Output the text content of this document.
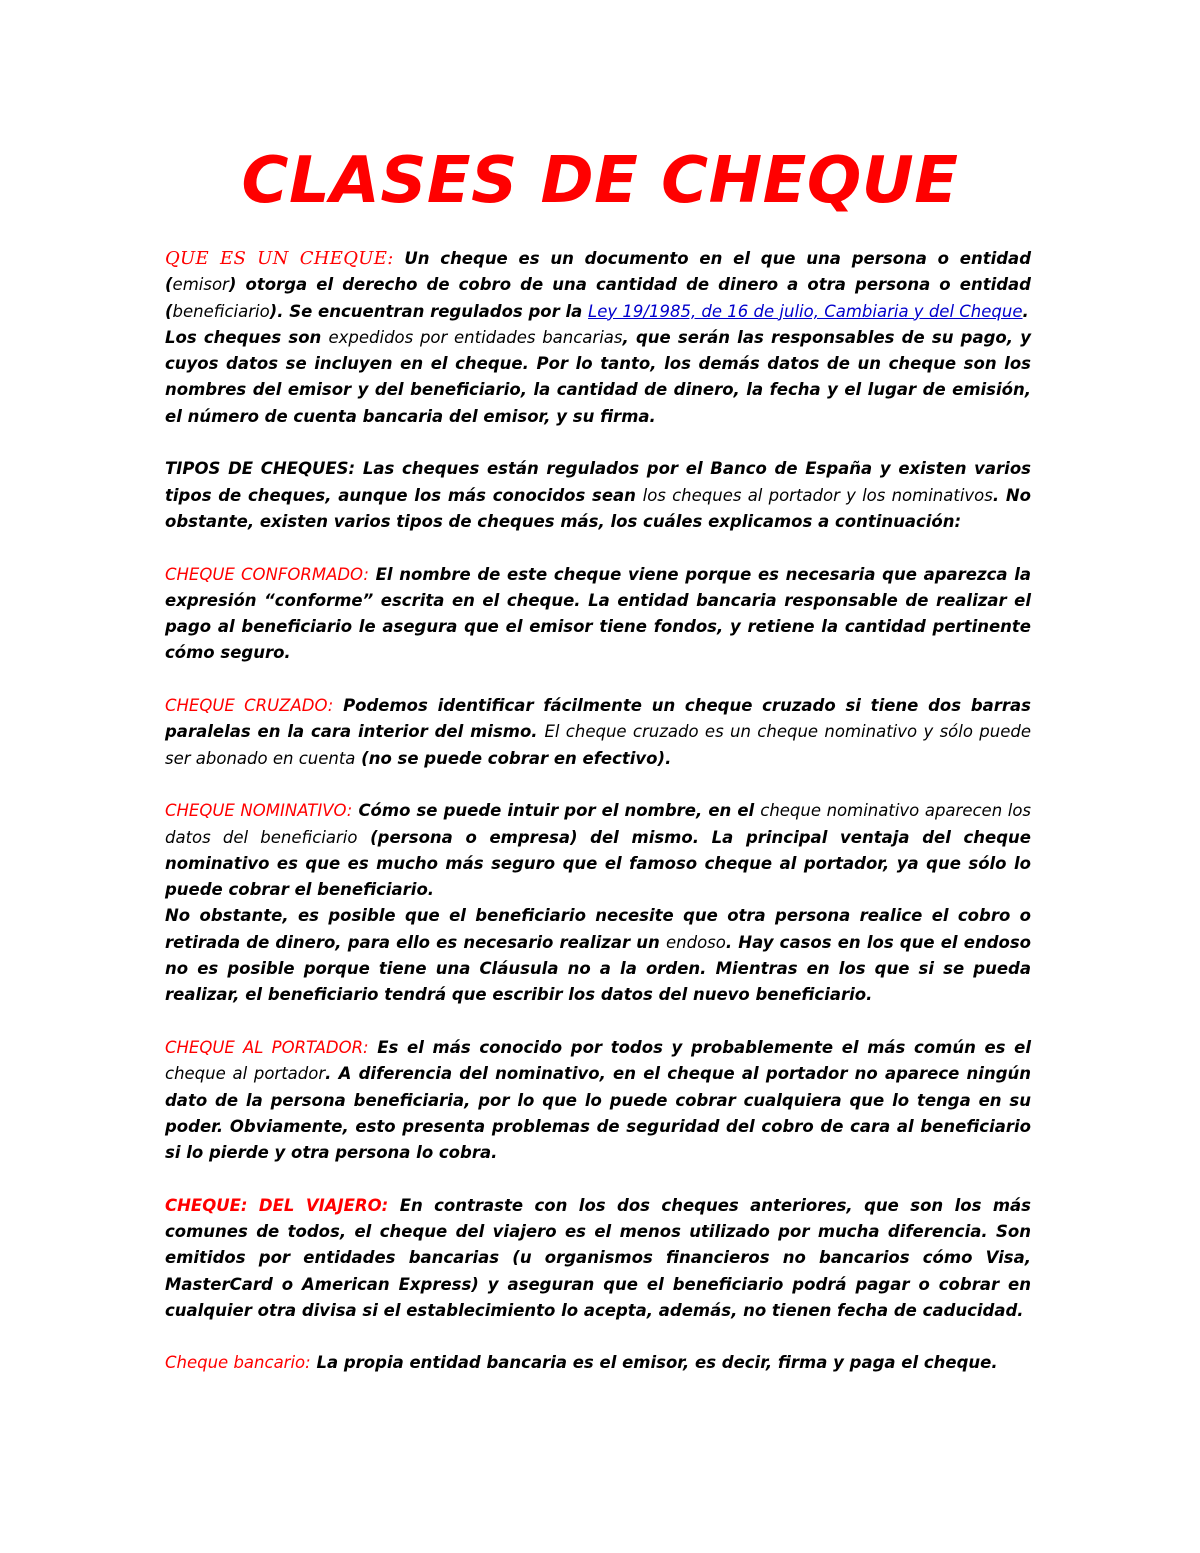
CLASES DE CHEQUE

QUE ES UN CHEQUE: Un cheque es un documento en el que una persona o entidad (emisor) otorga el derecho de cobro de una cantidad de dinero a otra persona o entidad (beneficiario). Se encuentran regulados por la Ley 19/1985, de 16 de julio, Cambiaria y del Cheque.

Los cheques son expedidos por entidades bancarias, que serán las responsables de su pago, y cuyos datos se incluyen en el cheque. Por lo tanto, los demás datos de un cheque son los nombres del emisor y del beneficiario, la cantidad de dinero, la fecha y el lugar de emisión, el número de cuenta bancaria del emisor, y su firma.

TIPOS DE CHEQUES: Las cheques están regulados por el Banco de España y existen varios tipos de cheques, aunque los más conocidos sean los cheques al portador y los nominativos. No obstante, existen varios tipos de cheques más, los cuáles explicamos a continuación:

CHEQUE CONFORMADO: El nombre de este cheque viene porque es necesaria que aparezca la expresión “conforme” escrita en el cheque. La entidad bancaria responsable de realizar el pago al beneficiario le asegura que el emisor tiene fondos, y retiene la cantidad pertinente cómo seguro.

CHEQUE CRUZADO: Podemos identificar fácilmente un cheque cruzado si tiene dos barras paralelas en la cara interior del mismo. El cheque cruzado es un cheque nominativo y sólo puede ser abonado en cuenta (no se puede cobrar en efectivo).

CHEQUE NOMINATIVO: Cómo se puede intuir por el nombre, en el cheque nominativo aparecen los datos del beneficiario (persona o empresa) del mismo. La principal ventaja del cheque nominativo es que es mucho más seguro que el famoso cheque al portador, ya que sólo lo puede cobrar el beneficiario.

No obstante, es posible que el beneficiario necesite que otra persona realice el cobro o retirada de dinero, para ello es necesario realizar un endoso. Hay casos en los que el endoso no es posible porque tiene una Cláusula no a la orden. Mientras en los que si se pueda realizar, el beneficiario tendrá que escribir los datos del nuevo beneficiario.

CHEQUE AL PORTADOR: Es el más conocido por todos y probablemente el más común es el cheque al portador. A diferencia del nominativo, en el cheque al portador no aparece ningún dato de la persona beneficiaria, por lo que lo puede cobrar cualquiera que lo tenga en su poder. Obviamente, esto presenta problemas de seguridad del cobro de cara al beneficiario si lo pierde y otra persona lo cobra.

CHEQUE: DEL VIAJERO: En contraste con los dos cheques anteriores, que son los más comunes de todos, el cheque del viajero es el menos utilizado por mucha diferencia. Son emitidos por entidades bancarias (u organismos financieros no bancarios cómo Visa, MasterCard o American Express) y aseguran que el beneficiario podrá pagar o cobrar en cualquier otra divisa si el establecimiento lo acepta, además, no tienen fecha de caducidad.

Cheque bancario: La propia entidad bancaria es el emisor, es decir, firma y paga el cheque.
